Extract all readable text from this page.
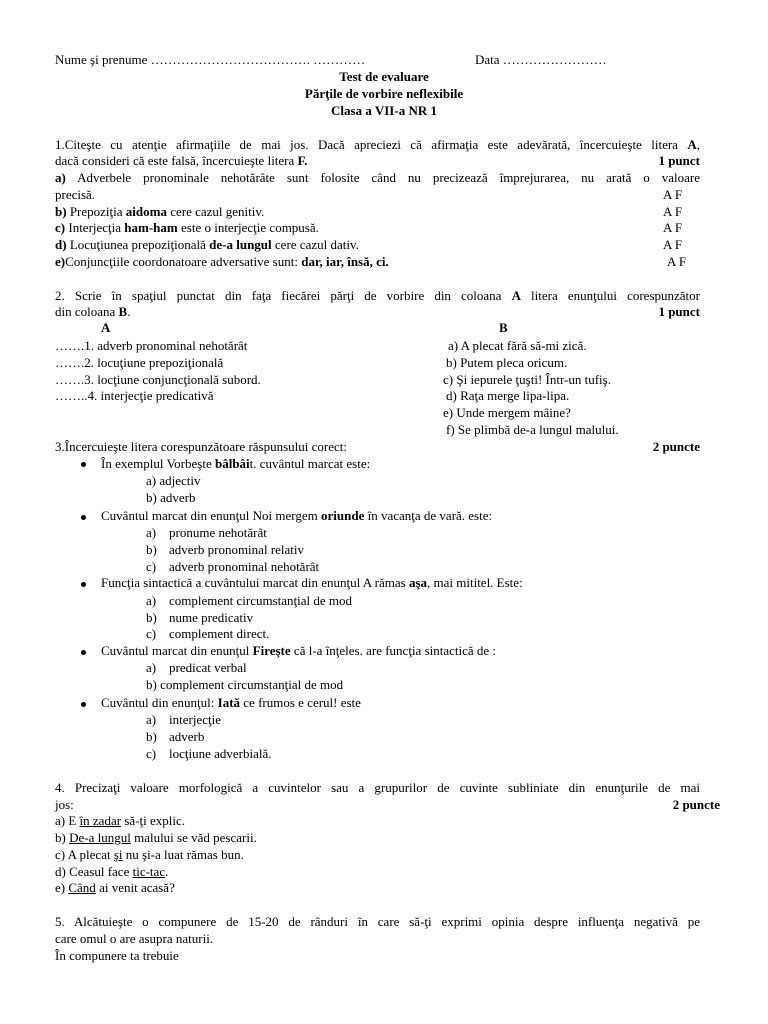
Nume şi prenume ………………………………. …………	Data ……………………
Test de evaluare
Părţile de vorbire neflexibile
Clasa a VII-a NR 1
1.Citeşte cu atenţie afirmaţiile de mai jos. Dacă apreciezi că afirmaţia este adevărată, încercuieşte litera A,
dacă consideri că este falsă, încercuieşte litera F.	1 punct
a) Adverbele pronominale nehotărâte sunt folosite când nu precizează împrejurarea, nu arată o valoare
precisă.	A F
b) Prepoziţia aidoma cere cazul genitiv.	A F
c) Interjecţia ham-ham este o interjecţie compusă.	A F
d) Locuţiunea prepoziţională de-a lungul cere cazul dativ.	A F
e)Conjuncţiile coordonatoare adversative sunt: dar, iar, însă, ci.	A F
2. Scrie în spaţiul punctat din faţa fiecărei părţi de vorbire din coloana A litera enunţului corespunzător
din coloana B.	1 punct
A	B
…….1. adverb pronominal nehotărât
…….2. locuţiune prepoziţională
…….3. locţiune conjuncţională subord.
……..4. interjecţie predicativă
a) A plecat fără să-mi zică.
b) Putem pleca oricum.
c) Şi iepurele ţuşti! Într-un tufiş.
d) Raţa merge lipa-lipa.
e) Unde mergem mâine?
f) Se plimbă de-a lungul malului.
3.Încercuieşte litera corespunzătoare răspunsului corect:	2 puncte
În exemplul Vorbeşte bâlbâit. cuvântul marcat este:
a) adjectiv
b) adverb
Cuvântul marcat din enunţul Noi mergem oriunde în vacanţa de vară. este:
a) pronume nehotărât
b) adverb pronominal relativ
c) adverb pronominal nehotărât
Funcţia sintactică a cuvântului marcat din enunţul A rămas aşa, mai mititel. Este:
a) complement circumstanţial de mod
b) nume predicativ
c) complement direct.
Cuvântul marcat din enunţul Fireşte că l-a înţeles. are funcţia sintactică de :
a) predicat verbal
b) complement circumstanţial de mod
Cuvântul din enunţul: Iată ce frumos e cerul! este
a) interjecţie
b) adverb
c) locţiune adverbială.
4. Precizaţi valoare morfologică a cuvintelor sau a grupurilor de cuvinte subliniate din enunţurile de mai
jos:	2 puncte
a) E în zadar să-ţi explic.
b) De-a lungul malului se văd pescarii.
c) A plecat şi nu şi-a luat rămas bun.
d) Ceasul face tic-tac.
e) Când ai venit acasă?
5. Alcătuieşte o compunere de 15-20 de rânduri în care să-ţi exprimi opinia despre influenţa negativă pe
care omul o are asupra naturii.
În compunere ta trebuie
